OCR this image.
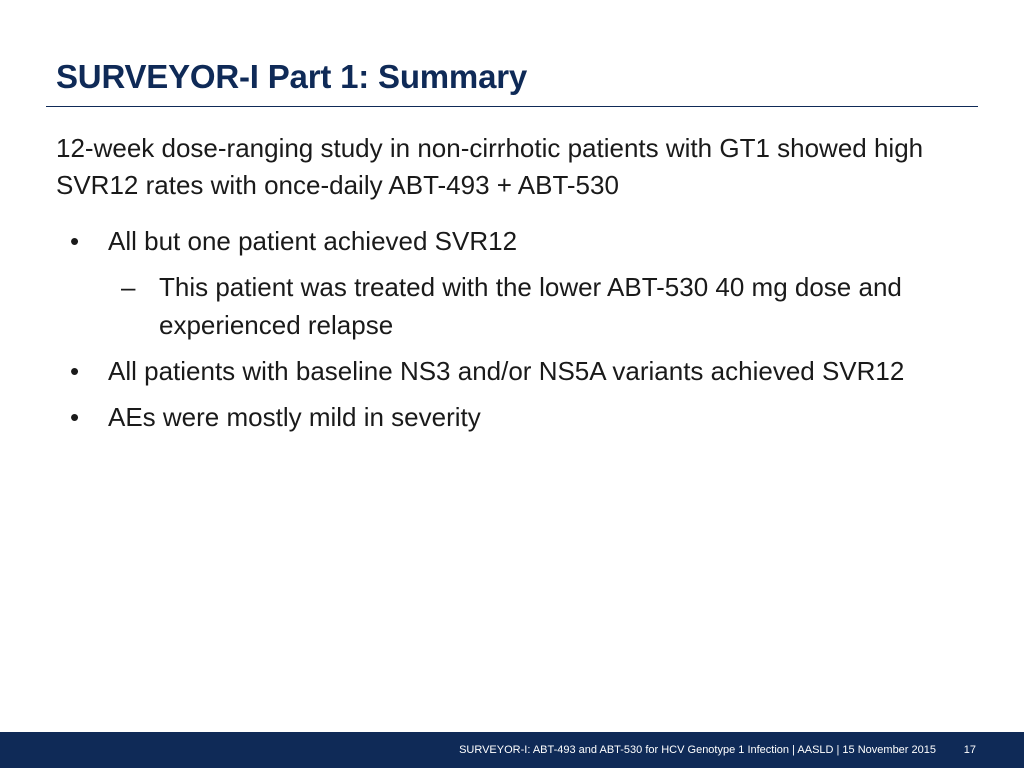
SURVEYOR-I Part 1: Summary
12-week dose-ranging study in non-cirrhotic patients with GT1 showed high SVR12 rates with once-daily ABT-493 + ABT-530
• All but one patient achieved SVR12
– This patient was treated with the lower ABT-530 40 mg dose and experienced relapse
• All patients with baseline NS3 and/or NS5A variants achieved SVR12
• AEs were mostly mild in severity
SURVEYOR-I: ABT-493 and ABT-530 for HCV Genotype 1 Infection | AASLD | 15 November 2015	17
